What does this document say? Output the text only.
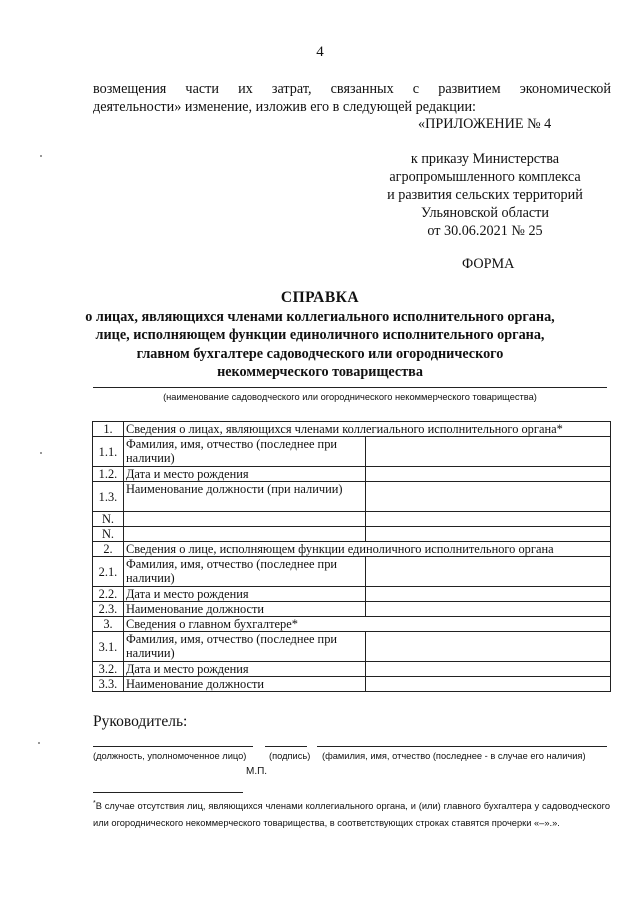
4
возмещения части их затрат, связанных с развитием экономической
деятельности» изменение, изложив его в следующей редакции:
«ПРИЛОЖЕНИЕ № 4
к приказу Министерства
агропромышленного комплекса
и развития сельских территорий
Ульяновской области
от 30.06.2021 № 25
ФОРМА
СПРАВКА
о лицах, являющихся членами коллегиального исполнительного органа,
лице, исполняющем функции единоличного исполнительного органа,
главном бухгалтере садоводческого или огороднического
некоммерческого товарищества
(наименование садоводческого или огороднического некоммерческого товарищества)
1.	Сведения о лицах, являющихся членами коллегиального исполнительного органа*	
1.1.	Фамилия, имя, отчество (последнее при наличии)	
1.2.	Дата и место рождения	
1.3.	Наименование должности (при наличии)	
N.		
N.		
2.	Сведения о лице, исполняющем функции единоличного исполнительного органа	
2.1.	Фамилия, имя, отчество (последнее при наличии)	
2.2.	Дата и место рождения	
2.3.	Наименование должности	
3.	Сведения о главном бухгалтере*	
3.1.	Фамилия, имя, отчество (последнее при наличии)	
3.2.	Дата и место рождения	
3.3.	Наименование должности	
Руководитель:
(должность, уполномоченное лицо) (подпись) (фамилия, имя, отчество (последнее - в случае его наличия)
М.П.
*В случае отсутствия лиц, являющихся членами коллегиального органа, и (или) главного бухгалтера у садоводческого или огороднического некоммерческого товарищества, в соответствующих строках ставятся прочерки «–».».
